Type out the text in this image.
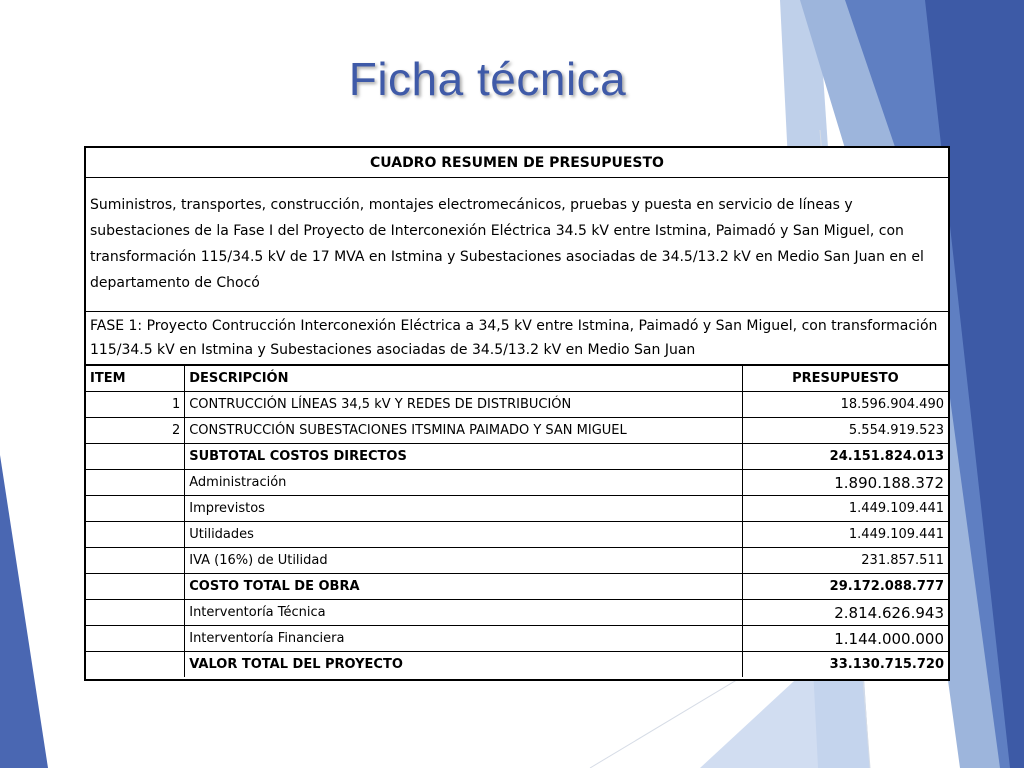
Ficha técnica
CUADRO RESUMEN DE PRESUPUESTO
Suministros, transportes, construcción, montajes electromecánicos, pruebas y puesta en servicio de líneas y subestaciones de la Fase I del Proyecto de Interconexión Eléctrica 34.5 kV entre Istmina, Paimadó y San Miguel, con transformación 115/34.5 kV de 17 MVA en Istmina y Subestaciones asociadas de 34.5/13.2 kV en Medio San Juan en el departamento de Chocó
FASE 1: Proyecto Contrucción Interconexión Eléctrica a 34,5 kV entre Istmina, Paimadó y San Miguel, con transformación 115/34.5 kV en Istmina y Subestaciones asociadas de 34.5/13.2 kV en Medio San Juan
ITEM	DESCRIPCIÓN	PRESUPUESTO
1	CONTRUCCIÓN LÍNEAS 34,5 kV Y REDES DE DISTRIBUCIÓN	18.596.904.490
2	CONSTRUCCIÓN SUBESTACIONES ITSMINA PAIMADO Y SAN MIGUEL	5.554.919.523
	SUBTOTAL COSTOS DIRECTOS	24.151.824.013
	Administración	1.890.188.372
	Imprevistos	1.449.109.441
	Utilidades	1.449.109.441
	IVA (16%) de Utilidad	231.857.511
	COSTO TOTAL DE OBRA	29.172.088.777
	Interventoría Técnica	2.814.626.943
	Interventoría Financiera	1.144.000.000
	VALOR TOTAL DEL PROYECTO	33.130.715.720
